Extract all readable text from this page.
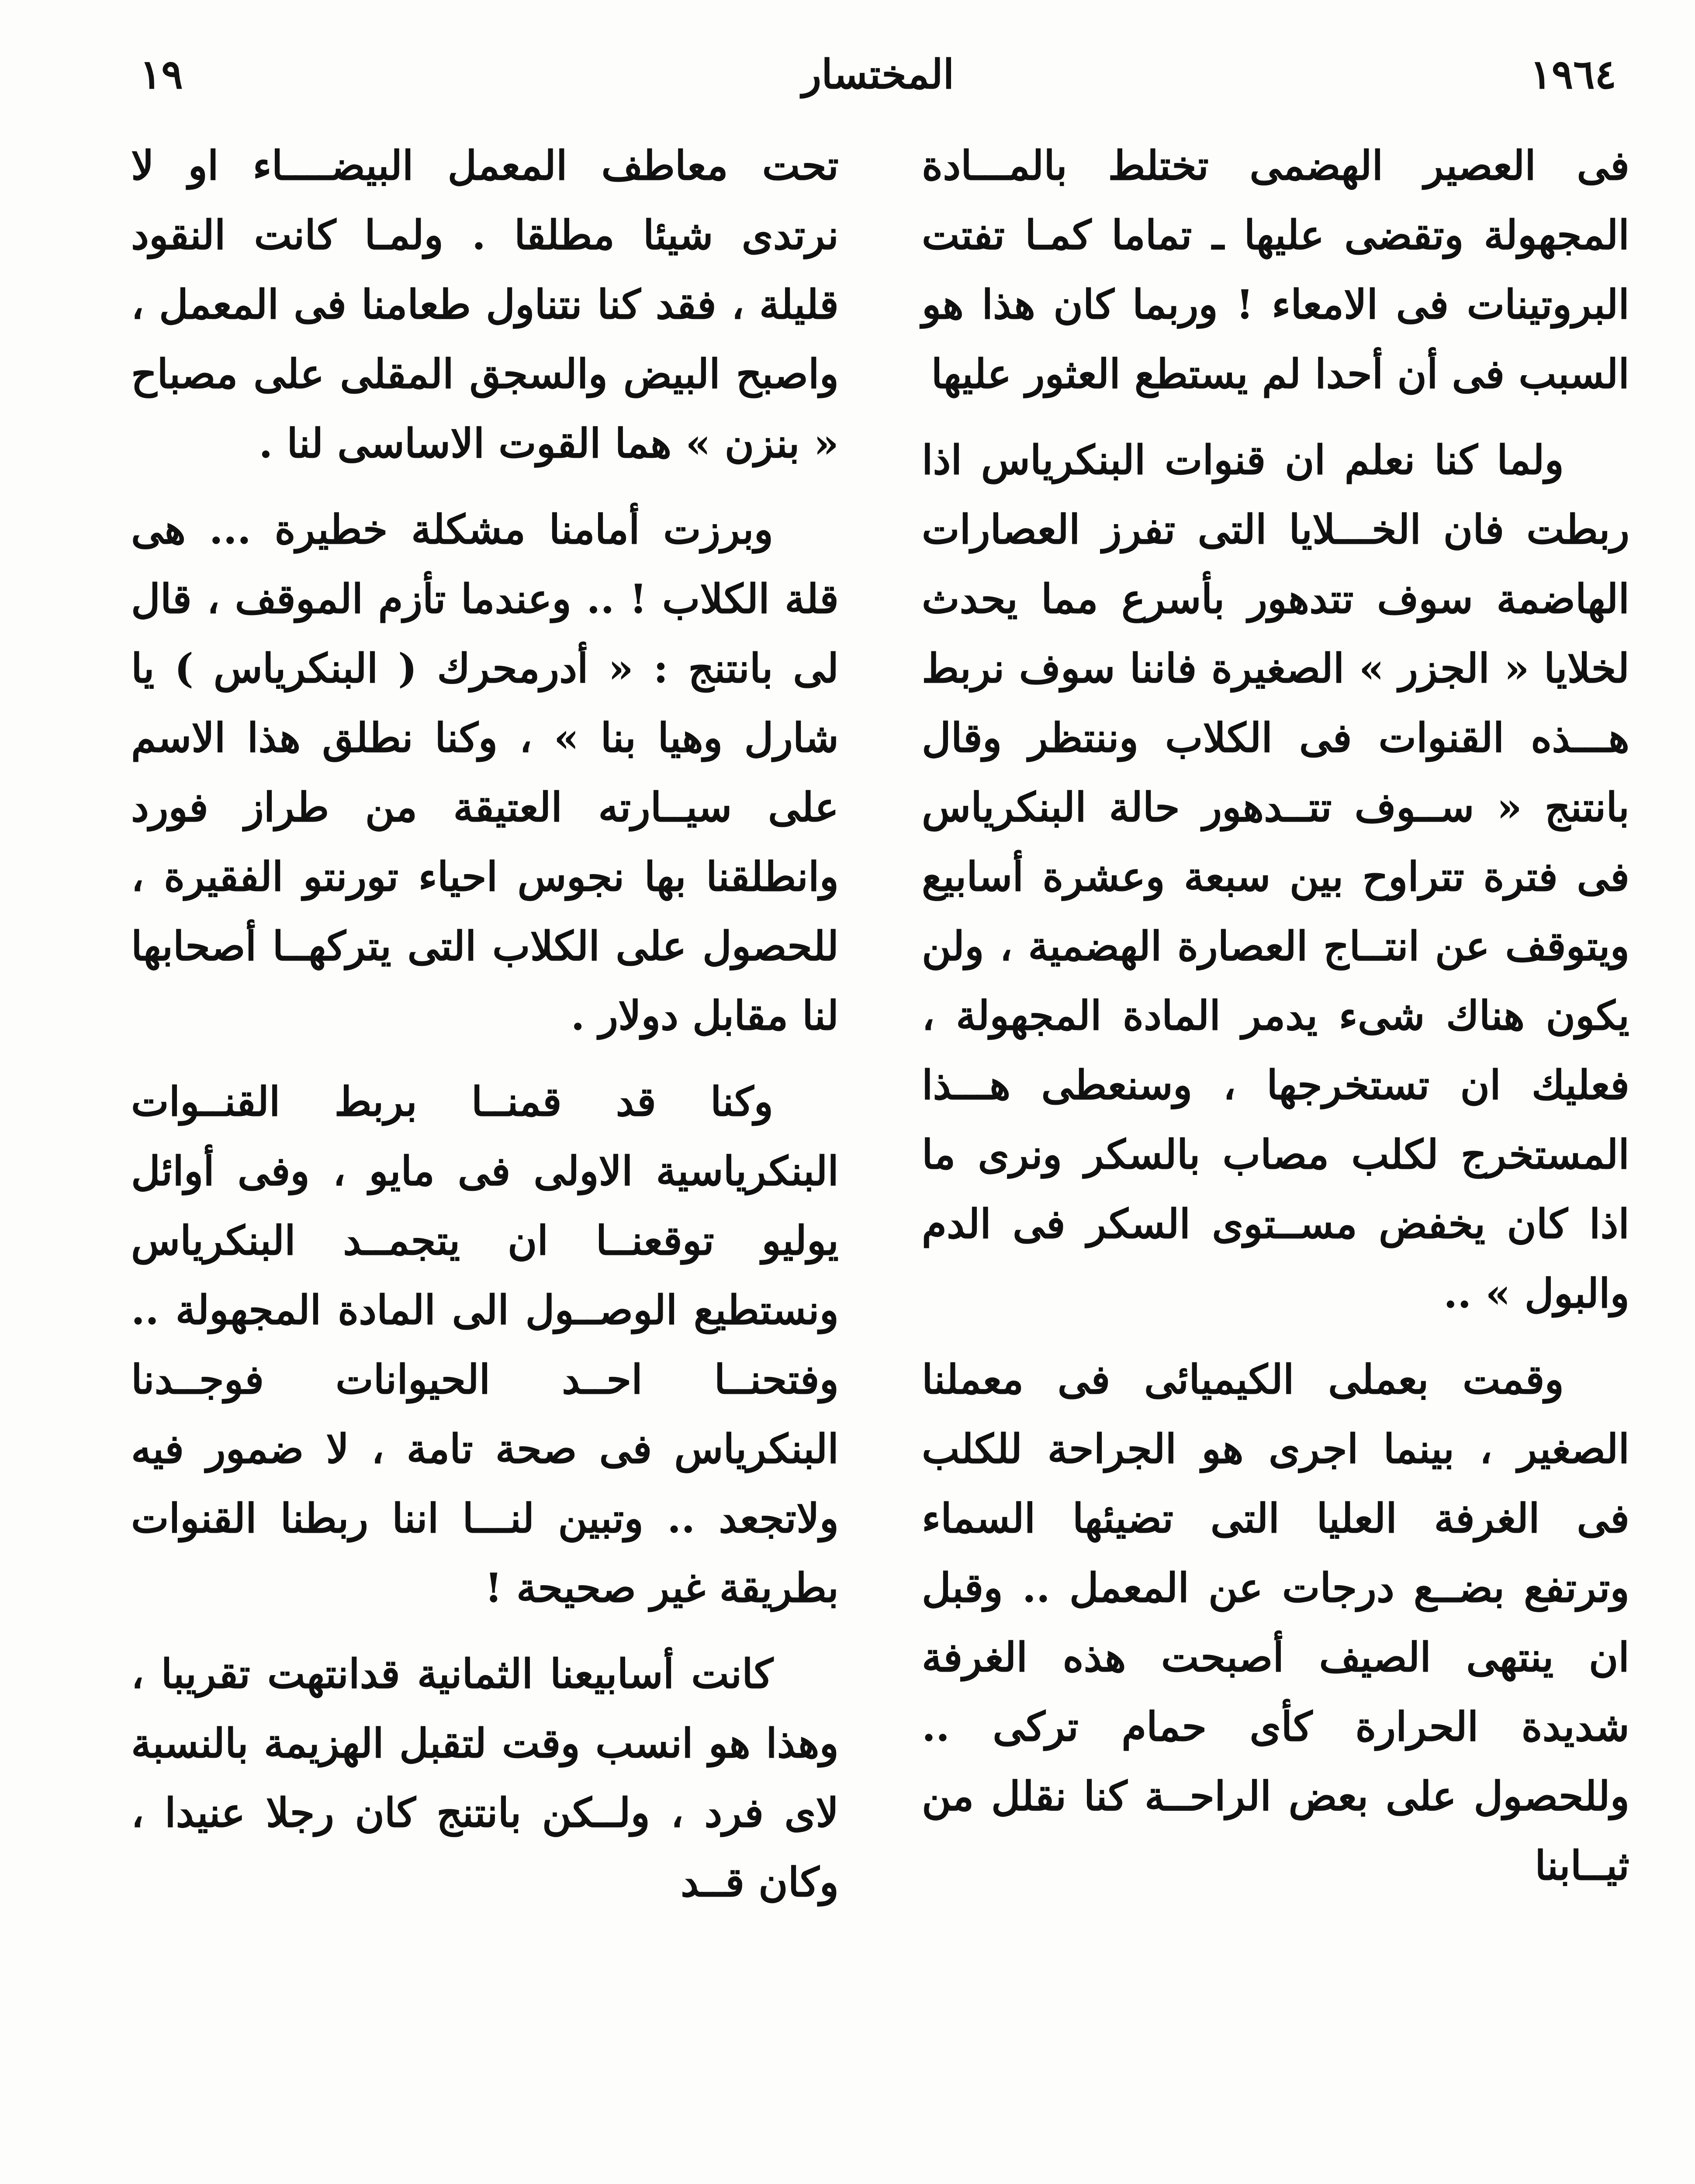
١٩٦٤
المختسار
١٩

فى العصير الهضمى تختلط بالمـــادة المجهولة وتقضى عليها ـ تماما كمـا تفتت البروتينات فى الامعاء ! وربما كان هذا هو السبب فى أن أحدا لم يستطع العثور عليها

ولما كنا نعلم ان قنوات البنكرياس اذا ربطت فان الخـــلايا التى تفرز العصارات الهاضمة سوف تتدهور بأسرع مما يحدث لخلايا « الجزر » الصغيرة فاننا سوف نربط هـــذه القنوات فى الكلاب وننتظر وقال بانتنج « ســوف تتــدهور حالة البنكرياس فى فترة تتراوح بين سبعة وعشرة أسابيع ويتوقف عن انتــاج العصارة الهضمية ، ولن يكون هناك شىء يدمر المادة المجهولة ، فعليك ان تستخرجها ، وسنعطى هـــذا المستخرج لكلب مصاب بالسكر ونرى ما اذا كان يخفض مســتوى السكر فى الدم والبول » ..

وقمت بعملى الكيميائى فى معملنا الصغير ، بينما اجرى هو الجراحة للكلب فى الغرفة العليا التى تضيئها السماء وترتفع بضــع درجات عن المعمل .. وقبل ان ينتهى الصيف أصبحت هذه الغرفة شديدة الحرارة كأى حمام تركى .. وللحصول على بعض الراحــة كنا نقلل من ثيــابنا

تحت معاطف المعمل البيضــــاء او لا نرتدى شيئا مطلقا . ولمـا كانت النقود قليلة ، فقد كنا نتناول طعامنا فى المعمل ، واصبح البيض والسجق المقلى على مصباح « بنزن » هما القوت الاساسى لنا .

وبرزت أمامنا مشكلة خطيرة ... هى قلة الكلاب ! .. وعندما تأزم الموقف ، قال لى بانتنج : « أدرمحرك ( البنكرياس ) يا شارل وهيا بنا » ، وكنا نطلق هذا الاسم على سيــارته العتيقة من طراز فورد وانطلقنا بها نجوس احياء تورنتو الفقيرة ، للحصول على الكلاب التى يتركهــا أصحابها لنا مقابل دولار .

وكنا قد قمنــا بربط القنــوات البنكرياسية الاولى فى مايو ، وفى أوائل يوليو توقعنــا ان يتجمــد البنكرياس ونستطيع الوصــول الى المادة المجهولة .. وفتحنــا احــد الحيوانات فوجــدنا البنكرياس فى صحة تامة ، لا ضمور فيه ولاتجعد .. وتبين لنـــا اننا ربطنا القنوات بطريقة غير صحيحة !

كانت أسابيعنا الثمانية قدانتهت تقريبا ، وهذا هو انسب وقت لتقبل الهزيمة بالنسبة لاى فرد ، ولــكن بانتنج كان رجلا عنيدا ، وكان قــد
